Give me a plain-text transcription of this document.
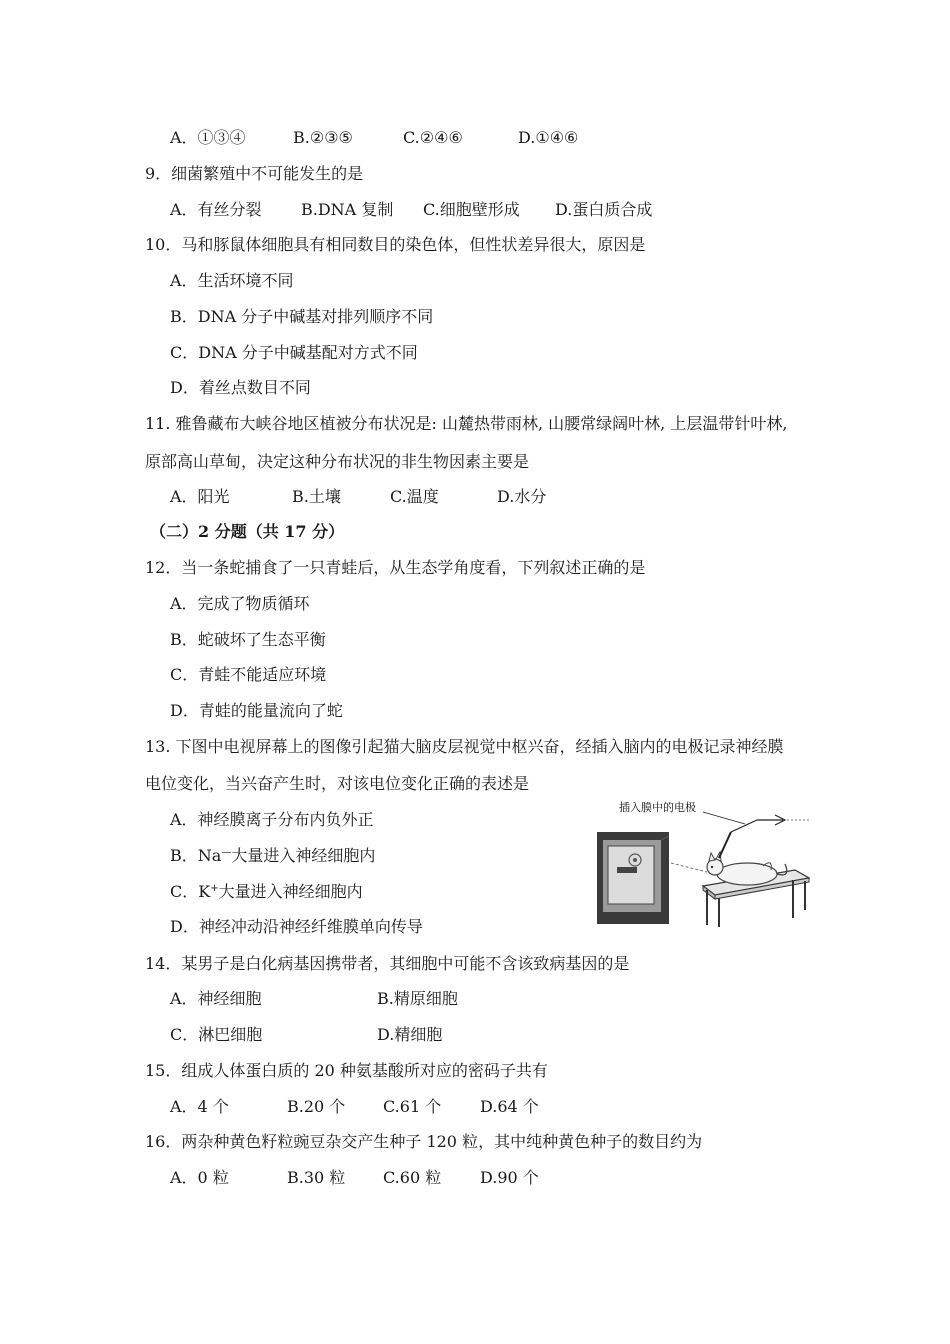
A．①③④	B.②③⑤	C.②④⑥	D.①④⑥
9．细菌繁殖中不可能发生的是
A．有丝分裂	B.DNA 复制	C.细胞壁形成	D.蛋白质合成
10．马和豚鼠体细胞具有相同数目的染色体，但性状差异很大，原因是
A．生活环境不同
B．DNA 分子中碱基对排列顺序不同
C．DNA 分子中碱基配对方式不同
D．着丝点数目不同
11. 雅鲁藏布大峡谷地区植被分布状况是: 山麓热带雨林, 山腰常绿阔叶林, 上层温带针叶林,
原部高山草甸，决定这种分布状况的非生物因素主要是
A．阳光	B.土壤	C.温度	D.水分
（二）2 分题（共 17 分）
12．当一条蛇捕食了一只青蛙后，从生态学角度看，下列叙述正确的是
A．完成了物质循环
B．蛇破坏了生态平衡
C．青蛙不能适应环境
D．青蛙的能量流向了蛇
13. 下图中电视屏幕上的图像引起猫大脑皮层视觉中枢兴奋，经插入脑内的电极记录神经膜
电位变化，当兴奋产生时，对该电位变化正确的表述是
A．神经膜离子分布内负外正
B．Na—大量进入神经细胞内
C．K+大量进入神经细胞内
D．神经冲动沿神经纤维膜单向传导
插入膜中的电极
14．某男子是白化病基因携带者，其细胞中可能不含该致病基因的是
A．神经细胞	B.精原细胞
C．淋巴细胞	D.精细胞
15．组成人体蛋白质的 20 种氨基酸所对应的密码子共有
A．4 个	B.20 个	C.61 个	D.64 个
16．两杂种黄色籽粒豌豆杂交产生种子 120 粒，其中纯种黄色种子的数目约为
A．0 粒	B.30 粒	C.60 粒	D.90 个
